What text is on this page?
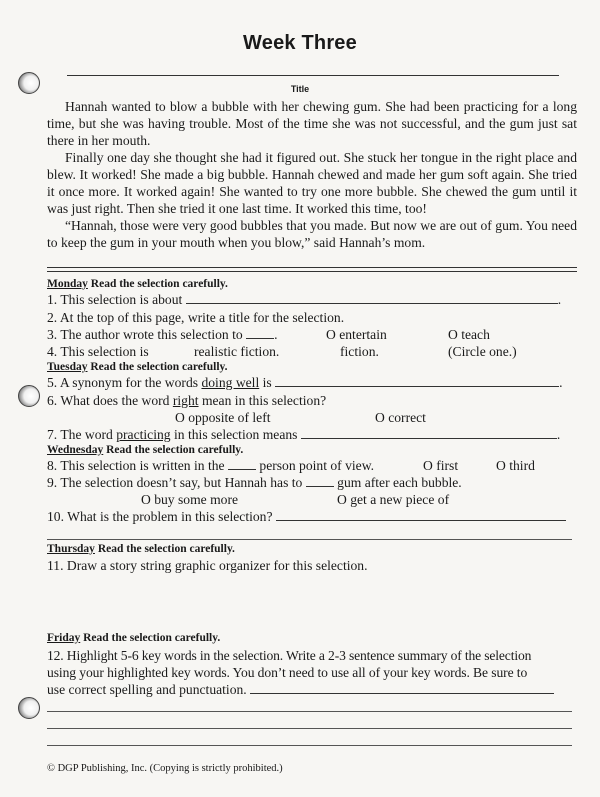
Week Three
Title

Hannah wanted to blow a bubble with her chewing gum. She had been practicing for a long time, but she was having trouble. Most of the time she was not successful, and the gum just sat there in her mouth.

Finally one day she thought she had it figured out. She stuck her tongue in the right place and blew. It worked! She made a big bubble. Hannah chewed and made her gum soft again. She tried it once more. It worked again! She wanted to try one more bubble. She chewed the gum until it was just right. Then she tried it one last time. It worked this time, too!

“Hannah, those were very good bubbles that you made. But now we are out of gum. You need to keep the gum in your mouth when you blow,” said Hannah’s mom.

Monday Read the selection carefully.
1. This selection is about	.
2. At the top of this page, write a title for the selection.
3. The author wrote this selection to .	O entertain	O teach
4. This selection is	realistic fiction.	fiction.	(Circle one.)
Tuesday Read the selection carefully.
5. A synonym for the words doing well is	.
6. What does the word right mean in this selection?
O opposite of left	O correct
7. The word practicing in this selection means	.
Wednesday Read the selection carefully.
8. This selection is written in the	person point of view.	O first	O third
9. The selection doesn’t say, but Hannah has to	gum after each bubble.
O buy some more	O get a new piece of
10. What is the problem in this selection?
Thursday Read the selection carefully.
11. Draw a story string graphic organizer for this selection.
Friday Read the selection carefully.
12. Highlight 5-6 key words in the selection. Write a 2-3 sentence summary of the selection
using your highlighted key words. You don’t need to use all of your key words. Be sure to
use correct spelling and punctuation.
© DGP Publishing, Inc. (Copying is strictly prohibited.)
